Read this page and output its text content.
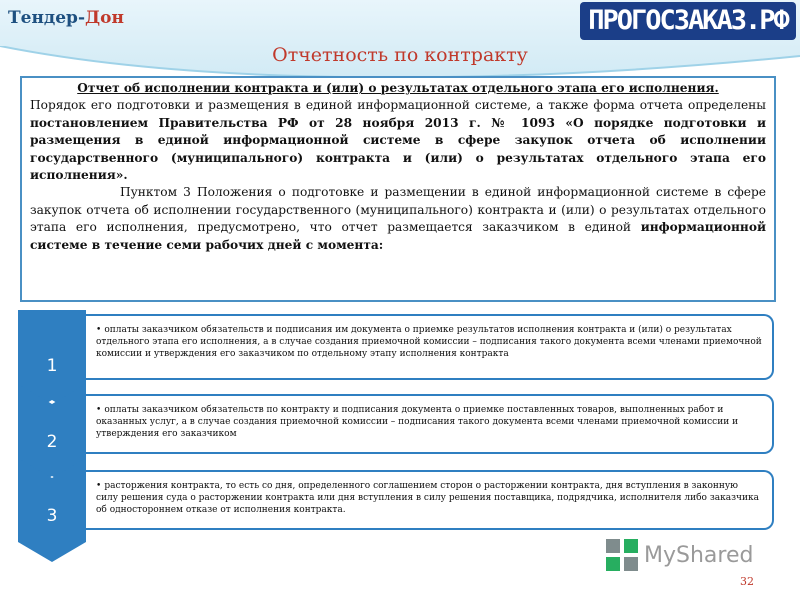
Тендер-Дон	ПРОГОСЗАКАЗ.РФ
Отчетность по контракту

Отчет об исполнении контракта и (или) о результатах отдельного этапа его исполнения.

Порядок его подготовки и размещения в единой информационной системе, а также форма отчета определены постановлением Правительства РФ от 28 ноября 2013 г. № 1093 «О порядке подготовки и размещения в единой информационной системе в сфере закупок отчета об исполнении государственного (муниципального) контракта и (или) о результатах отдельного этапа его исполнения».

Пунктом 3 Положения о подготовке и размещении в единой информационной системе в сфере закупок отчета об исполнении государственного (муниципального) контракта и (или) о результатах отдельного этапа его исполнения, предусмотрено, что отчет размещается заказчиком в единой информационной системе в течение семи рабочих дней с момента:

• оплаты заказчиком обязательств и подписания им документа о приемке результатов исполнения контракта и (или) о результатах отдельного этапа его исполнения, а в случае создания приемочной комиссии – подписания такого документа всеми членами приемочной комиссии и утверждения его заказчиком по отдельному этапу исполнения контракта
1
• оплаты заказчиком обязательств по контракту и подписания документа о приемке поставленных товаров, выполненных работ и оказанных услуг, а в случае создания приемочной комиссии – подписания такого документа всеми членами приемочной комиссии и утверждения его заказчиком
2
• расторжения контракта, то есть со дня, определенного соглашением сторон о расторжении контракта, дня вступления в законную силу решения суда о расторжении контракта или дня вступления в силу решения поставщика, подрядчика, исполнителя либо заказчика об одностороннем отказе от исполнения контракта.
3
MyShared
32
